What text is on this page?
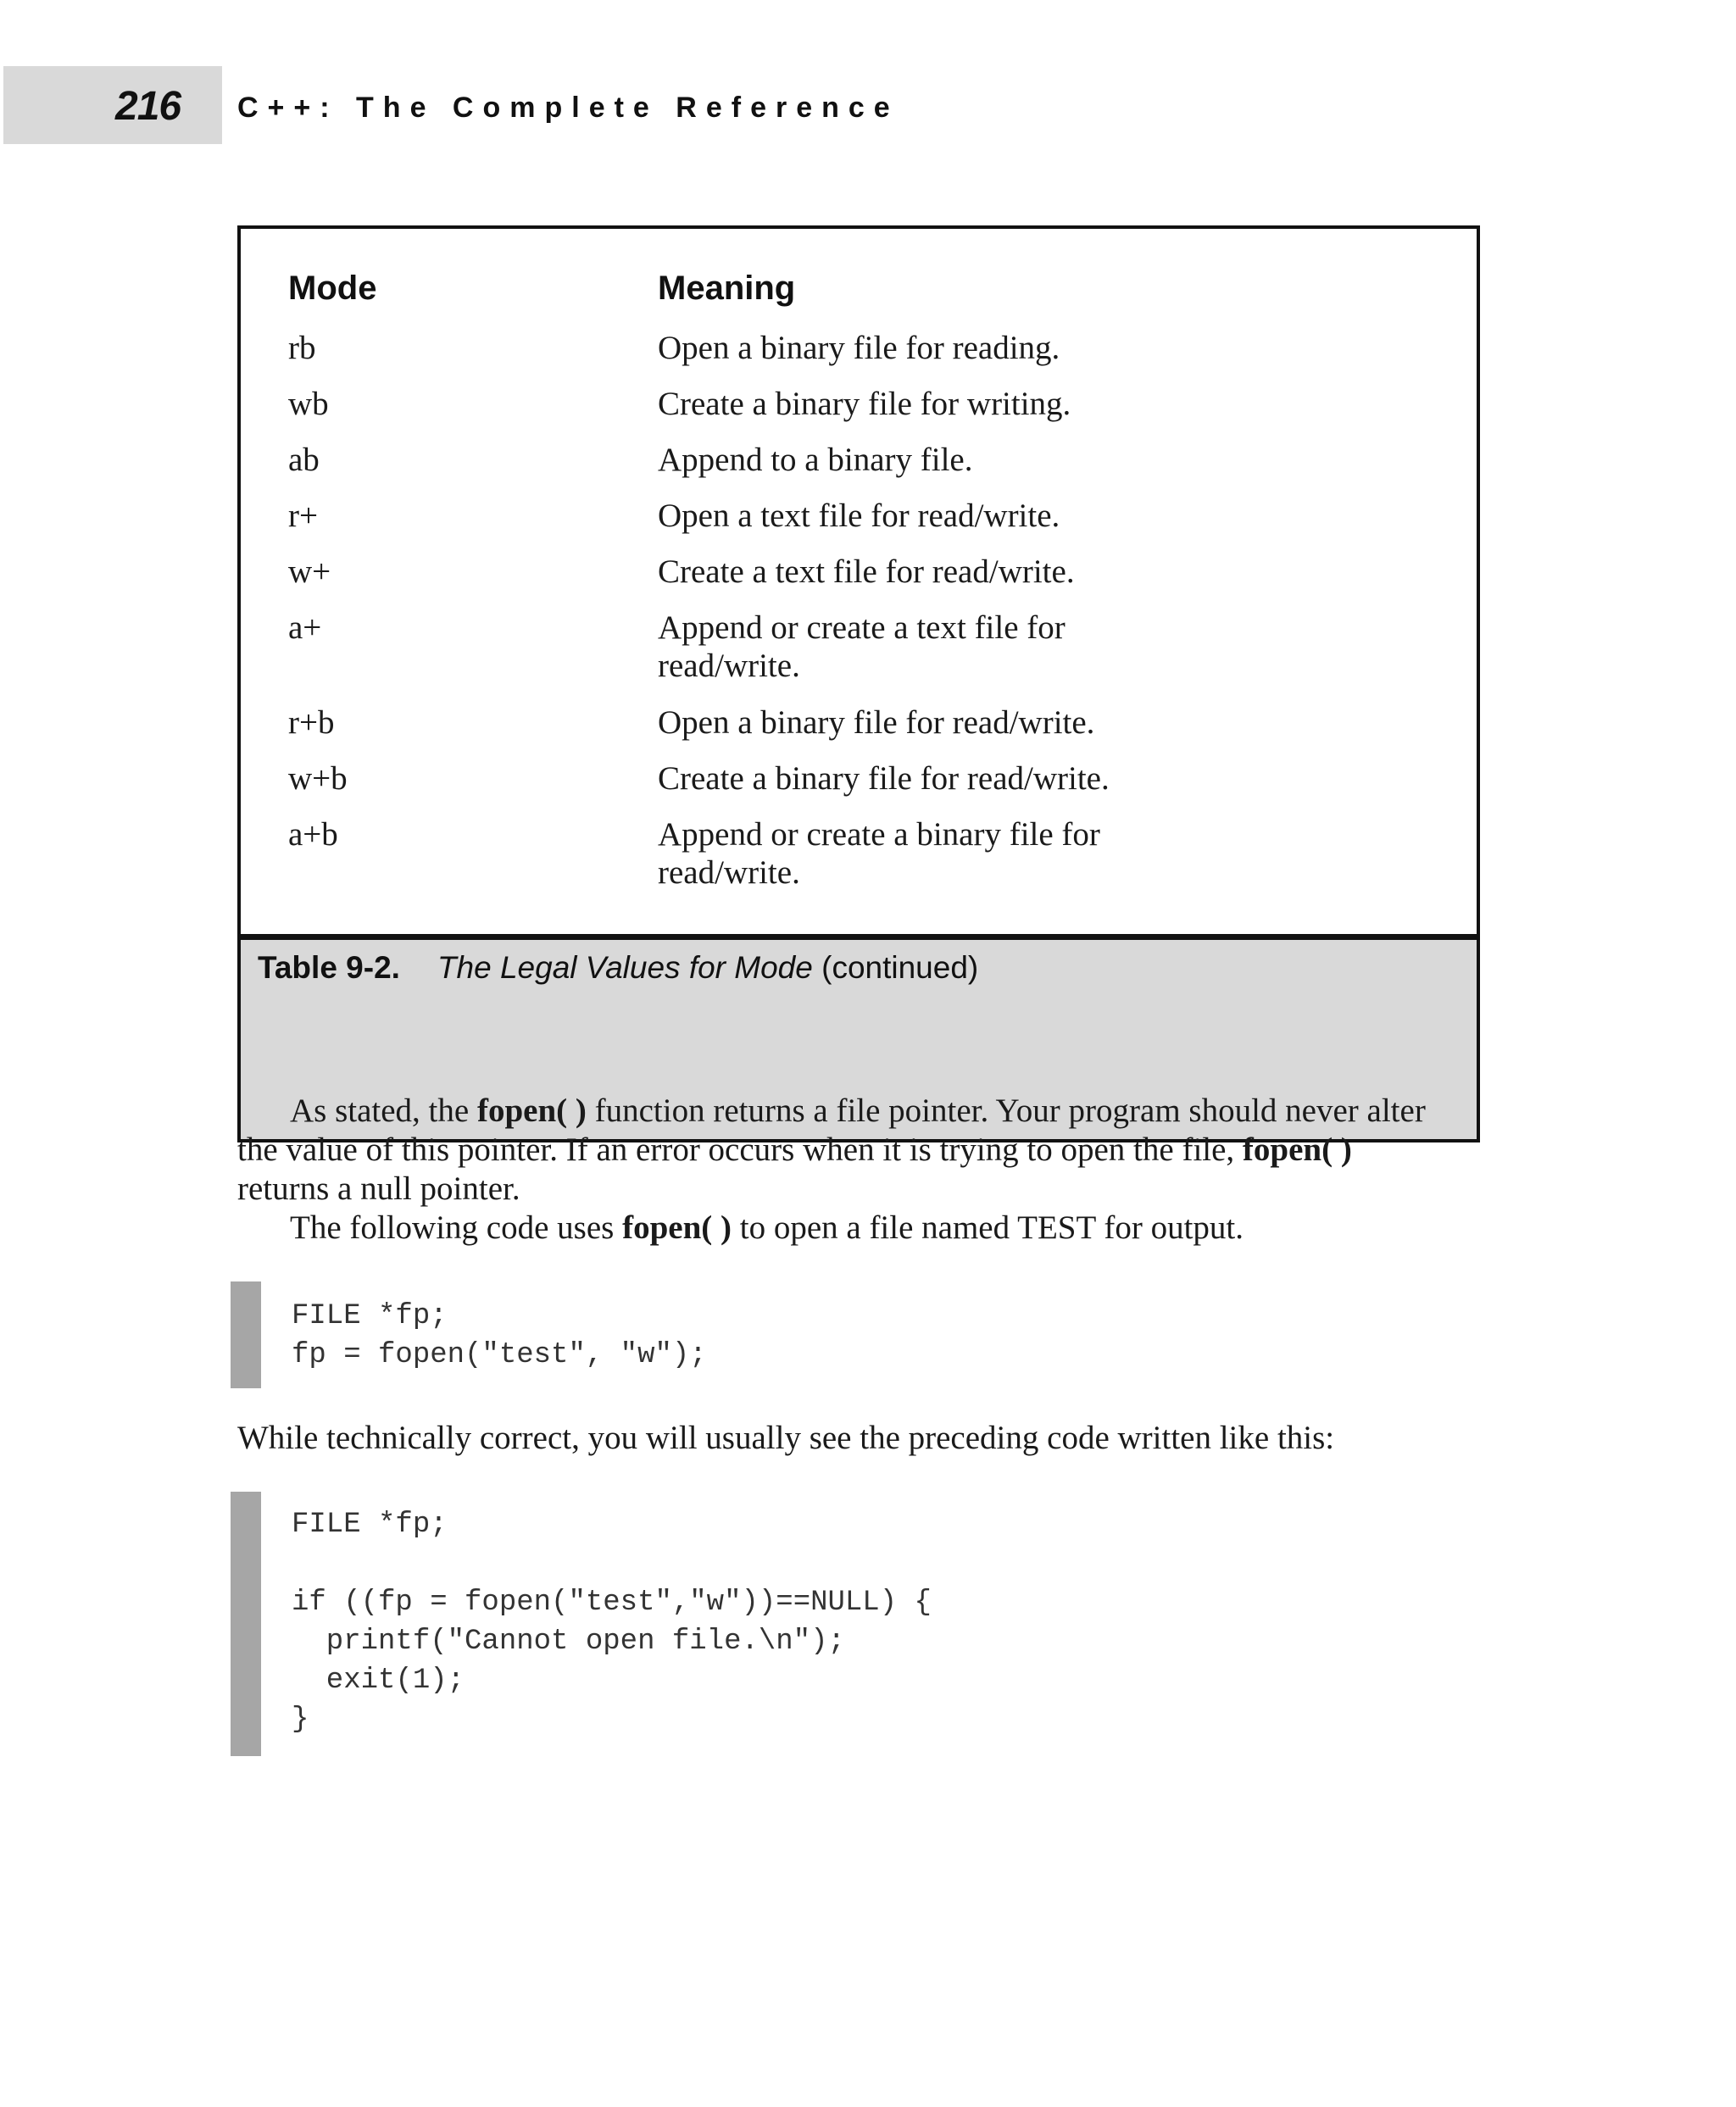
216 C++: The Complete Reference
Mode	Meaning
rb	Open a binary file for reading.
wb	Create a binary file for writing.
ab	Append to a binary file.
r+	Open a text file for read/write.
w+	Create a text file for read/write.
a+	Append or create a text file for read/write.
r+b	Open a binary file for read/write.
w+b	Create a binary file for read/write.
a+b	Append or create a binary file for read/write.
Table 9-2. The Legal Values for Mode (continued)
As stated, the fopen( ) function returns a file pointer. Your program should never alter the value of this pointer. If an error occurs when it is trying to open the file, fopen( ) returns a null pointer.
The following code uses fopen( ) to open a file named TEST for output.
FILE *fp;
fp = fopen("test", "w");
While technically correct, you will usually see the preceding code written like this:
FILE *fp;
if ((fp = fopen("test","w"))==NULL) {
printf("Cannot open file.\n");
exit(1);
}
